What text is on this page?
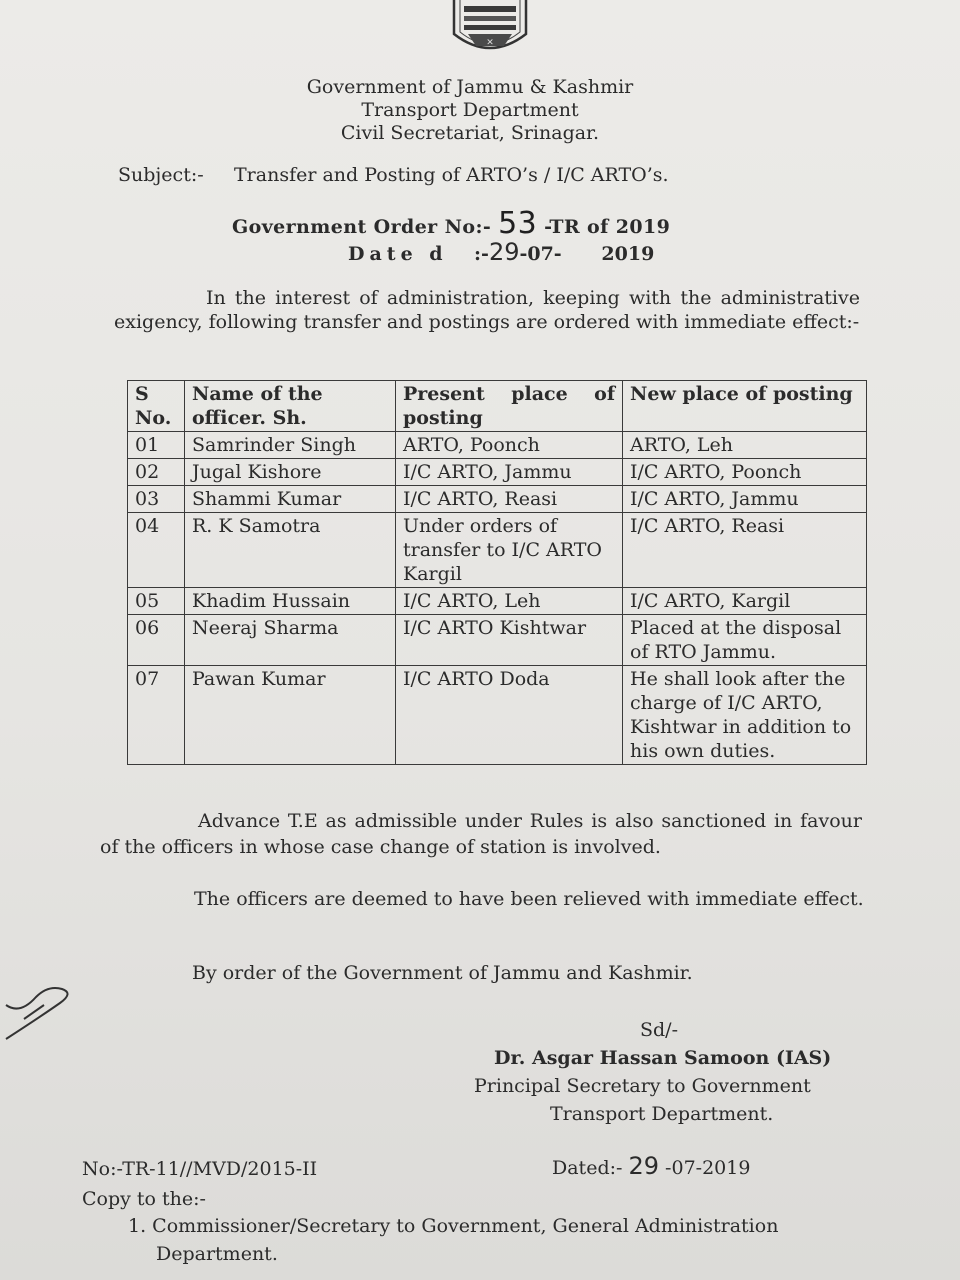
✕
Government of Jammu & Kashmir
Transport Department
Civil Secretariat, Srinagar.
Subject:- Transfer and Posting of ARTO’s / I/C ARTO’s.
Government Order No:- 53 -TR of 2019
Date d :-29-07- 2019
In the interest of administration, keeping with the administrative exigency, following transfer and postings are ordered with immediate effect:-
S No.	Name of the officer. Sh.	Present place of posting	New place of posting
01	Samrinder Singh	ARTO, Poonch	ARTO, Leh
02	Jugal Kishore	I/C ARTO, Jammu	I/C ARTO, Poonch
03	Shammi Kumar	I/C ARTO, Reasi	I/C ARTO, Jammu
04	R. K Samotra	Under orders of transfer to I/C ARTO Kargil	I/C ARTO, Reasi
05	Khadim Hussain	I/C ARTO, Leh	I/C ARTO, Kargil
06	Neeraj Sharma	I/C ARTO Kishtwar	Placed at the disposal of RTO Jammu.
07	Pawan Kumar	I/C ARTO Doda	He shall look after the charge of I/C ARTO, Kishtwar in addition to his own duties.
Advance T.E as admissible under Rules is also sanctioned in favour of the officers in whose case change of station is involved.
The officers are deemed to have been relieved with immediate effect.
By order of the Government of Jammu and Kashmir.
Sd/-
Dr. Asgar Hassan Samoon (IAS)
Principal Secretary to Government
Transport Department.
No:-TR-11//MVD/2015-II	Dated:- 29 -07-2019
Copy to the:-
1. Commissioner/Secretary to Government, General Administration
Department.
